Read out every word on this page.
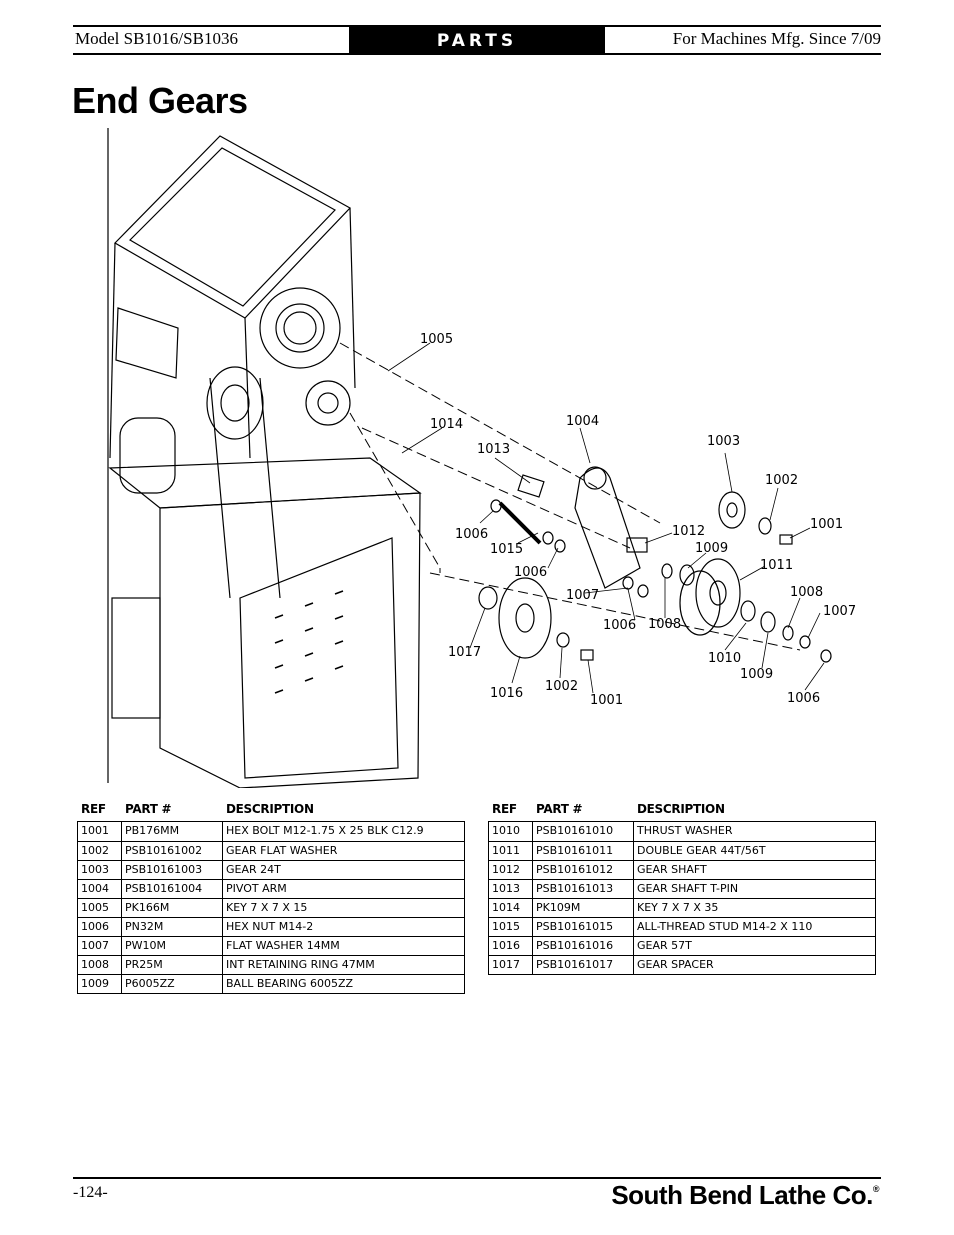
Model SB1016/SB1036	PARTS	For Machines Mfg. Since 7/09
End Gears
1005
1014	1004
1013
1003
1002
1001
1006
1015
1012
1009
1006	1011
1007
1006 1008
1008
1007
1017	1010
1009
1016 1002
1001	1006
REF	PART #	DESCRIPTION
1001	PB176MM	HEX BOLT M12-1.75 X 25 BLK C12.9
1002	PSB10161002	GEAR FLAT WASHER
1003	PSB10161003	GEAR 24T
1004	PSB10161004	PIVOT ARM
1005	PK166M	KEY 7 X 7 X 15
1006	PN32M	HEX NUT M14-2
1007	PW10M	FLAT WASHER 14MM
1008	PR25M	INT RETAINING RING 47MM
1009	P6005ZZ	BALL BEARING 6005ZZ
REF	PART #	DESCRIPTION
1010	PSB10161010	THRUST WASHER
1011	PSB10161011	DOUBLE GEAR 44T/56T
1012	PSB10161012	GEAR SHAFT
1013	PSB10161013	GEAR SHAFT T-PIN
1014	PK109M	KEY 7 X 7 X 35
1015	PSB10161015	ALL-THREAD STUD M14-2 X 110
1016	PSB10161016	GEAR 57T
1017	PSB10161017	GEAR SPACER
-124-	South Bend Lathe Co.®
